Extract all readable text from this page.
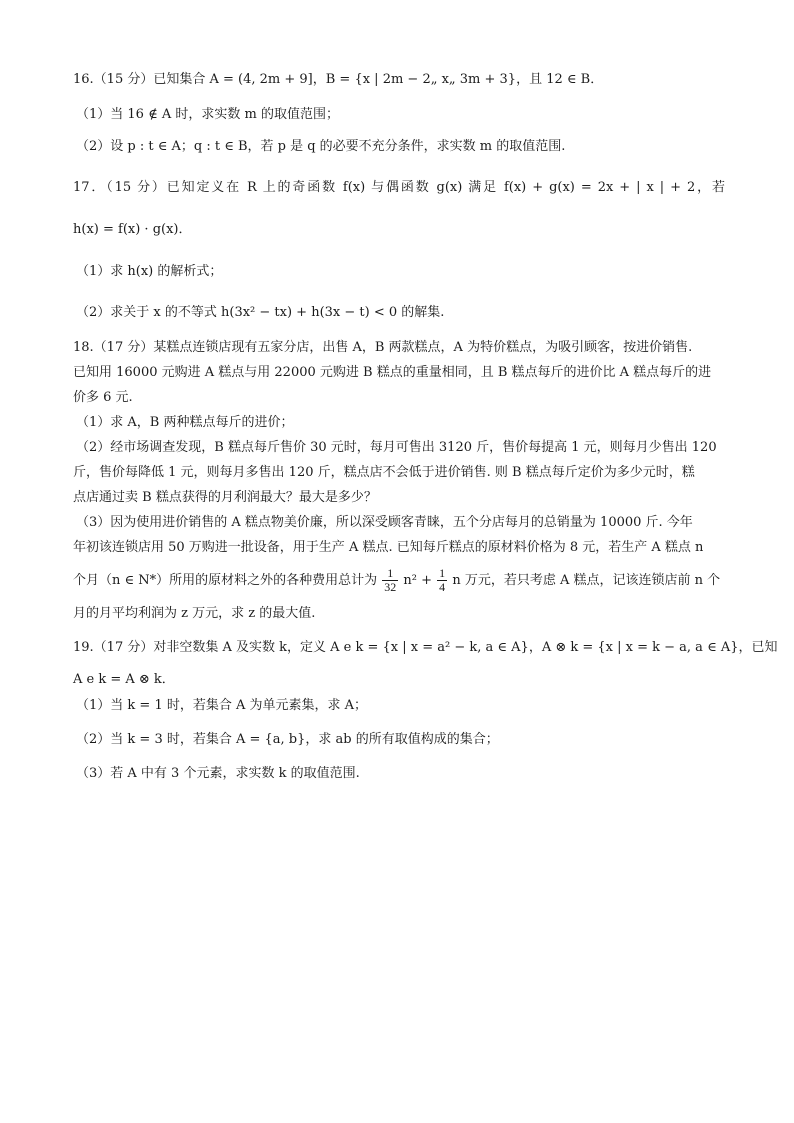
16.（15 分）已知集合 A = (4, 2m + 9]，B = {x | 2m − 2„ x„ 3m + 3}，且 12 ∈ B．
（1）当 16 ∉ A 时，求实数 m 的取值范围；
（2）设 p : t ∈ A；q : t ∈ B，若 p 是 q 的必要不充分条件，求实数 m 的取值范围.
17．（15 分）已知定义在 R 上的奇函数 f(x) 与偶函数 g(x) 满足 f(x) + g(x) = 2x + | x | + 2，若
h(x) = f(x) · g(x)．
（1）求 h(x) 的解析式；
（2）求关于 x 的不等式 h(3x² − tx) + h(3x − t) < 0 的解集.
18.（17 分）某糕点连锁店现有五家分店，出售 A，B 两款糕点，A 为特价糕点，为吸引顾客，按进价销售.
已知用 16000 元购进 A 糕点与用 22000 元购进 B 糕点的重量相同，且 B 糕点每斤的进价比 A 糕点每斤的进
价多 6 元.
（1）求 A，B 两种糕点每斤的进价；
（2）经市场调查发现，B 糕点每斤售价 30 元时，每月可售出 3120 斤，售价每提高 1 元，则每月少售出 120
斤，售价每降低 1 元，则每月多售出 120 斤，糕点店不会低于进价销售. 则 B 糕点每斤定价为多少元时，糕
点店通过卖 B 糕点获得的月利润最大？最大是多少？
（3）因为使用进价销售的 A 糕点物美价廉，所以深受顾客青睐，五个分店每月的总销量为 10000 斤. 今年
年初该连锁店用 50 万购进一批设备，用于生产 A 糕点. 已知每斤糕点的原材料价格为 8 元，若生产 A 糕点 n
个月（n ∈ N*）所用的原材料之外的各种费用总计为 $\frac{1}{32} n^2 + \frac{1}{4}$ n 万元，若只考虑 A 糕点，记该连锁店前 n 个
月的月平均利润为 z 万元，求 z 的最大值.
19.（17 分）对非空数集 A 及实数 k，定义 A e k = {x | x = a² − k, a ∈ A}，A ⊗ k = {x | x = k − a, a ∈ A}，已知
A e k = A ⊗ k．
（1）当 k = 1 时，若集合 A 为单元素集，求 A；
（2）当 k = 3 时，若集合 A = {a, b}，求 ab 的所有取值构成的集合；
（3）若 A 中有 3 个元素，求实数 k 的取值范围.
